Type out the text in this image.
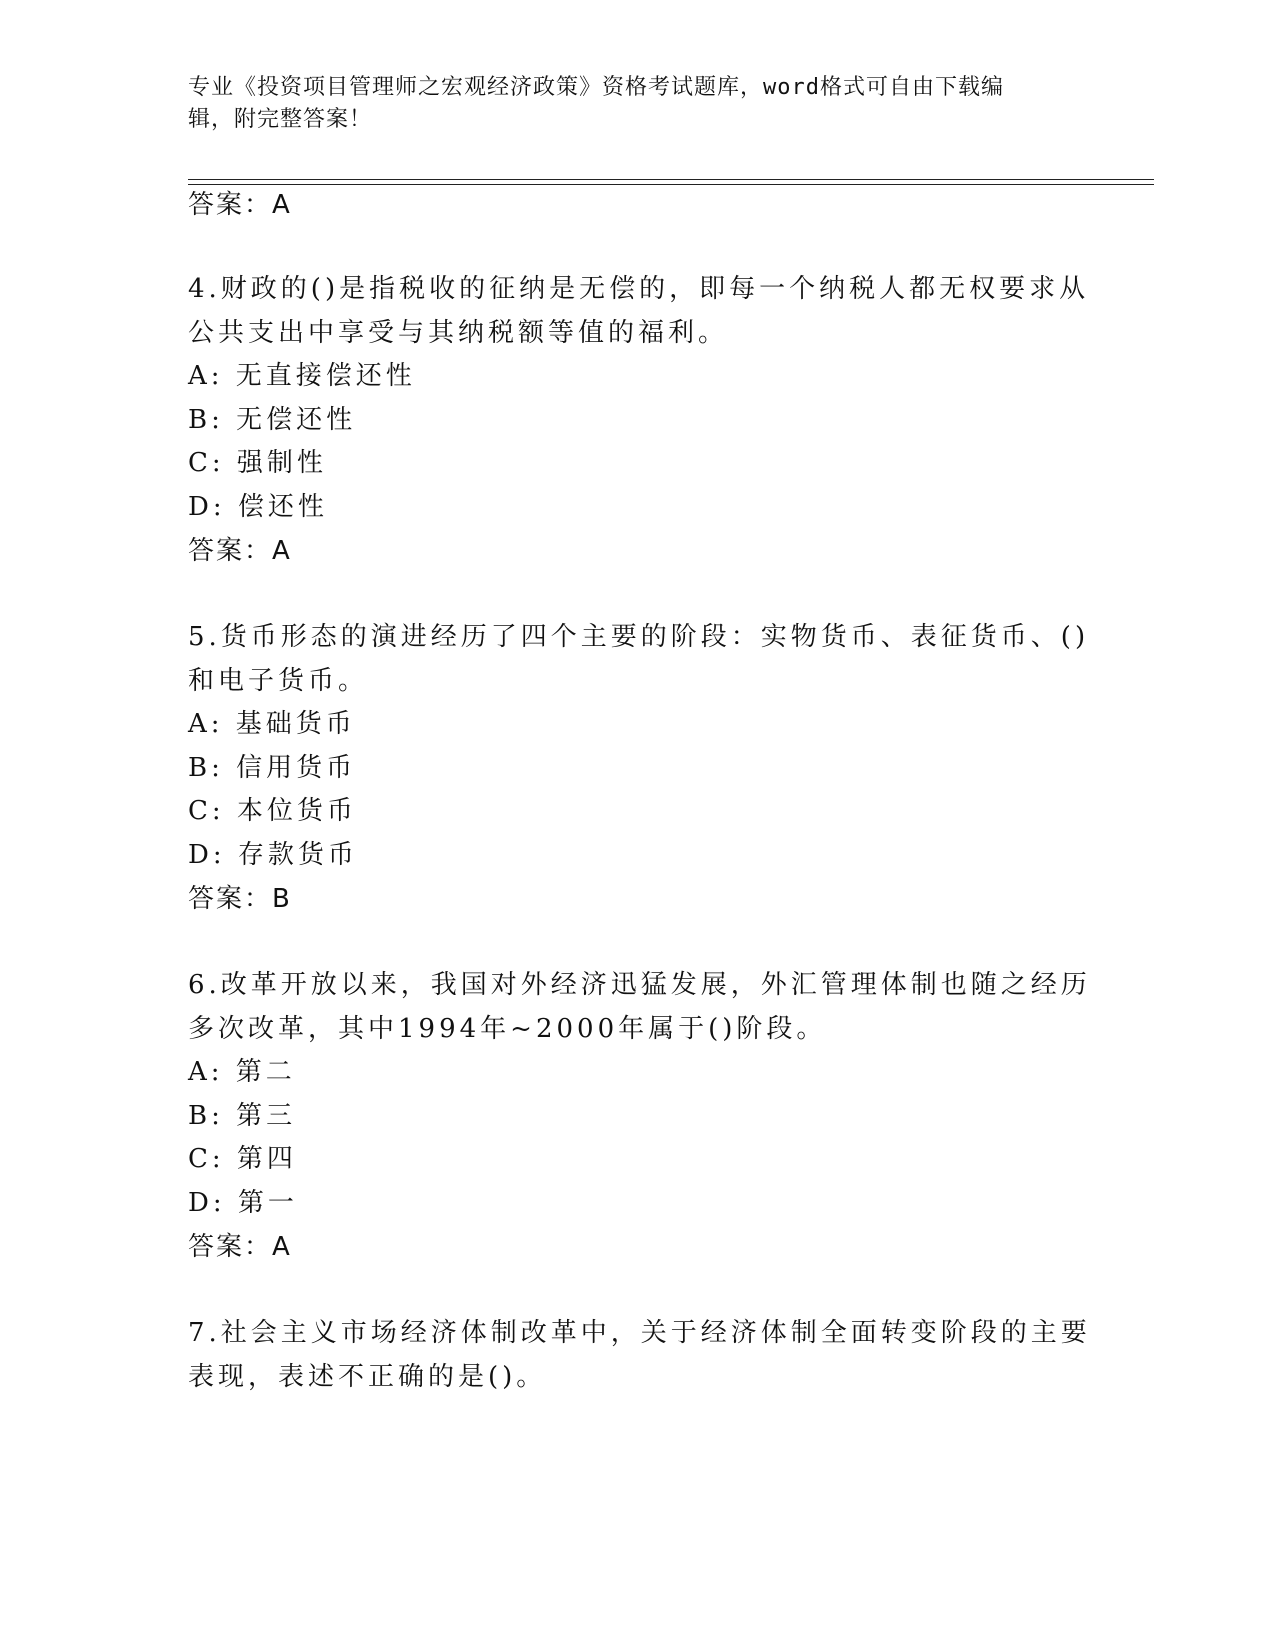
专业《投资项目管理师之宏观经济政策》资格考试题库，word格式可自由下载编
辑，附完整答案！
答案：A
4.财政的()是指税收的征纳是无偿的，即每一个纳税人都无权要求从
公共支出中享受与其纳税额等值的福利。
A: 无直接偿还性
B: 无偿还性
C: 强制性
D: 偿还性
答案：A
5.货币形态的演进经历了四个主要的阶段：实物货币、表征货币、()
和电子货币。
A: 基础货币
B: 信用货币
C: 本位货币
D: 存款货币
答案：B
6.改革开放以来，我国对外经济迅猛发展，外汇管理体制也随之经历
多次改革，其中1994年~2000年属于()阶段。
A: 第二
B: 第三
C: 第四
D: 第一
答案：A
7.社会主义市场经济体制改革中，关于经济体制全面转变阶段的主要
表现，表述不正确的是()。
